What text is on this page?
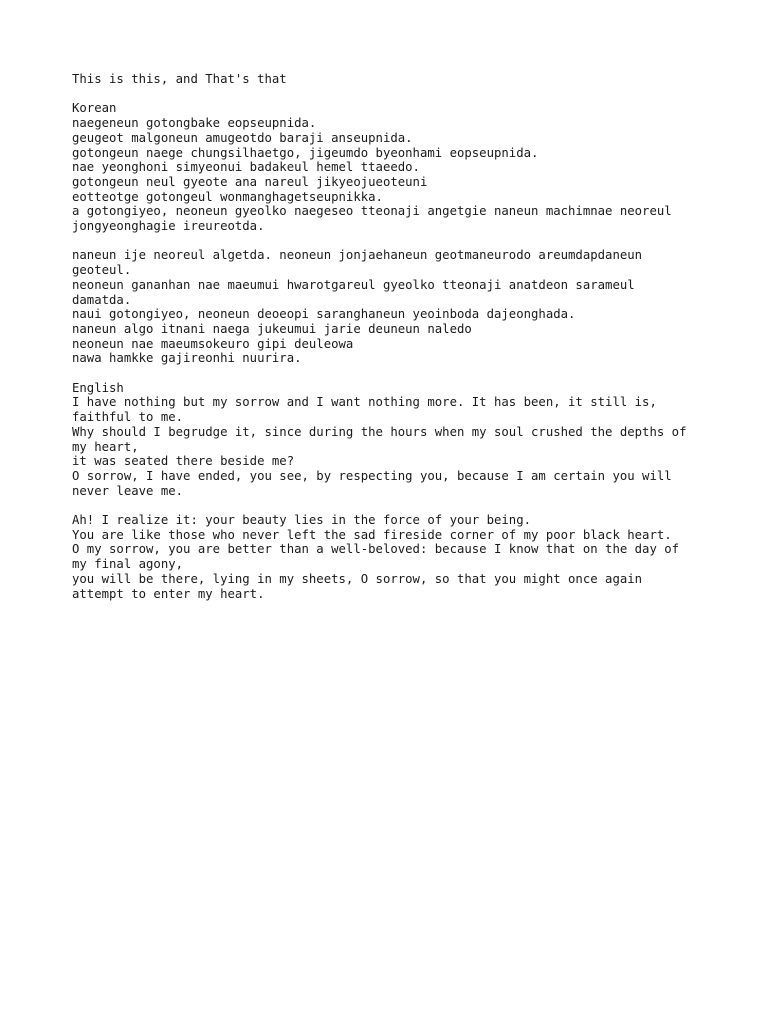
This is this, and That's that
Korean
naegeneun gotongbake eopseupnida.
geugeot malgoneun amugeotdo baraji anseupnida.
gotongeun naege chungsilhaetgo, jigeumdo byeonhami eopseupnida.
nae yeonghoni simyeonui badakeul hemel ttaeedo.
gotongeun neul gyeote ana nareul jikyeojueoteuni
eotteotge gotongeul wonmanghagetseupnikka.
a gotongiyeo, neoneun gyeolko naegeseo tteonaji angetgie naneun machimnae neoreul
jongyeonghagie ireureotda.
naneun ije neoreul algetda. neoneun jonjaehaneun geotmaneurodo areumdapdaneun
geoteul.
neoneun gananhan nae maeumui hwarotgareul gyeolko tteonaji anatdeon sarameul
damatda.
naui gotongiyeo, neoneun deoeopi saranghaneun yeoinboda dajeonghada.
naneun algo itnani naega jukeumui jarie deuneun naledo
neoneun nae maeumsokeuro gipi deuleowa
nawa hamkke gajireonhi nuurira.
English
I have nothing but my sorrow and I want nothing more. It has been, it still is,
faithful to me.
Why should I begrudge it, since during the hours when my soul crushed the depths of
my heart,
it was seated there beside me?
O sorrow, I have ended, you see, by respecting you, because I am certain you will
never leave me.
Ah! I realize it: your beauty lies in the force of your being.
You are like those who never left the sad fireside corner of my poor black heart.
O my sorrow, you are better than a well-beloved: because I know that on the day of
my final agony,
you will be there, lying in my sheets, O sorrow, so that you might once again
attempt to enter my heart.
